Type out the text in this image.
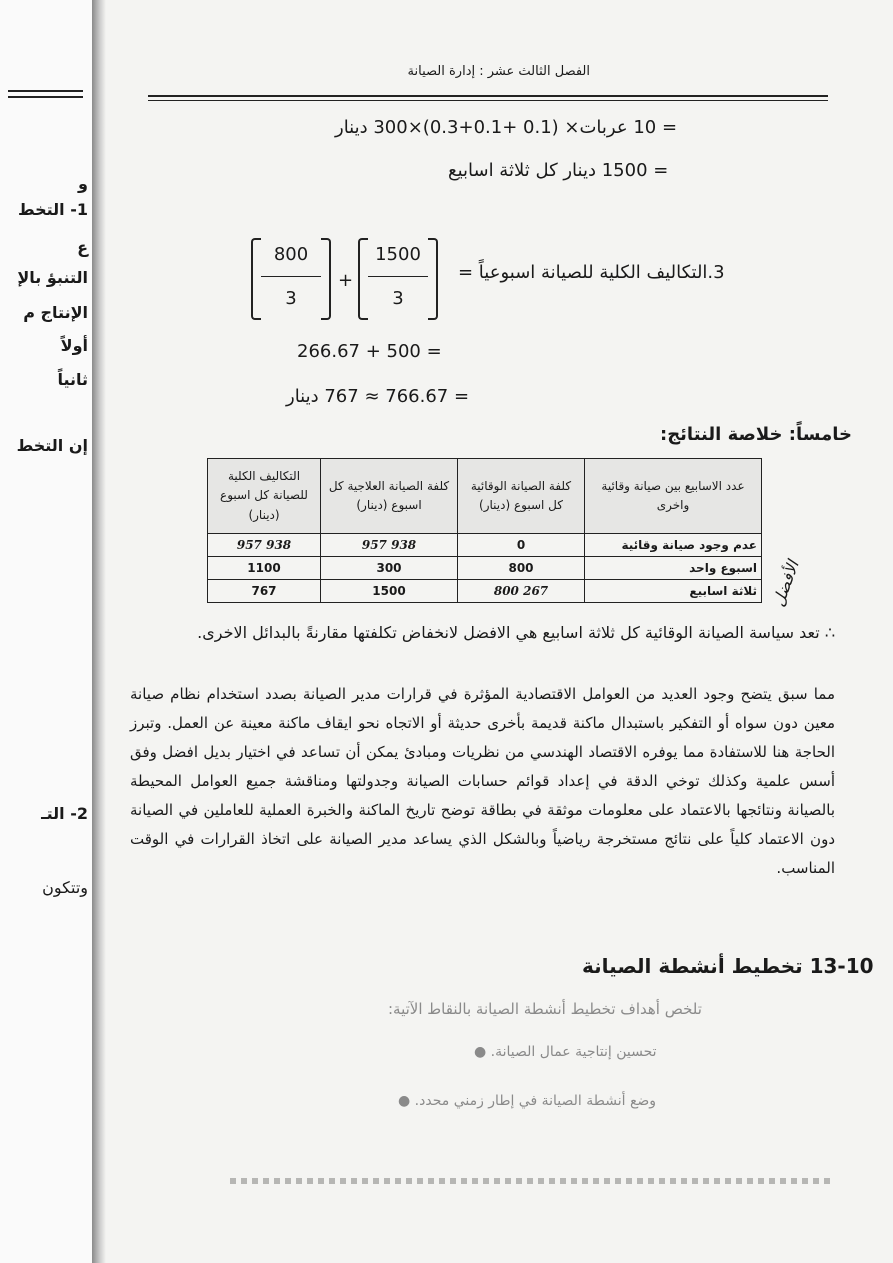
و
1- التخط
ع
التنبؤ بالإ
الإنتاج م
أولاً
ثانياً
إن التخط
2- التـ
وتتكون
الفصل الثالث عشر : إدارة الصيانة
= 10 عربات× (0.1 +0.1+0.3)×300 دينار
= 1500 دينار كل ثلاثة اسابيع
800
3
+
1500
3
3.التكاليف الكلية للصيانة اسبوعياً =
= 500 + 266.67
= 766.67 ≈ 767 دينار
خامساً: خلاصة النتائج:
عدد الاسابيع بين صيانة وقائية واخرى	كلفة الصيانة الوقائية كل اسبوع (دينار)	كلفة الصيانة العلاجية كل اسبوع (دينار)	التكاليف الكلية للصيانة كل اسبوع (دينار)
عدم وجود صيانة وقائية	0	938 957	938 957
اسبوع واحد	800	300	1100
ثلاثة اسابيع	267 800	1500	767	الأفضل

∴ تعد سياسة الصيانة الوقائية كل ثلاثة اسابيع هي الافضل لانخفاض تكلفتها مقارنةً بالبدائل الاخرى.

مما سبق يتضح وجود العديد من العوامل الاقتصادية المؤثرة في قرارات مدير الصيانة بصدد استخدام نظام صيانة معين دون سواه أو التفكير باستبدال ماكنة قديمة بأخرى حديثة أو الاتجاه نحو ايقاف ماكنة معينة عن العمل. وتبرز الحاجة هنا للاستفادة مما يوفره الاقتصاد الهندسي من نظريات ومبادئ يمكن أن تساعد في اختيار بديل افضل وفق أسس علمية وكذلك توخي الدقة في إعداد قوائم حسابات الصيانة وجدولتها ومناقشة جميع العوامل المحيطة بالصيانة ونتائجها بالاعتماد على معلومات موثقة في بطاقة توضح تاريخ الماكنة والخبرة العملية للعاملين في الصيانة دون الاعتماد كلياً على نتائج مستخرجة رياضياً وبالشكل الذي يساعد مدير الصيانة على اتخاذ القرارات في الوقت المناسب.

13-10 تخطيط أنشطة الصيانة
تلخص أهداف تخطيط أنشطة الصيانة بالنقاط الآتية:
تحسين إنتاجية عمال الصيانة. ●
وضع أنشطة الصيانة في إطار زمني محدد. ●
